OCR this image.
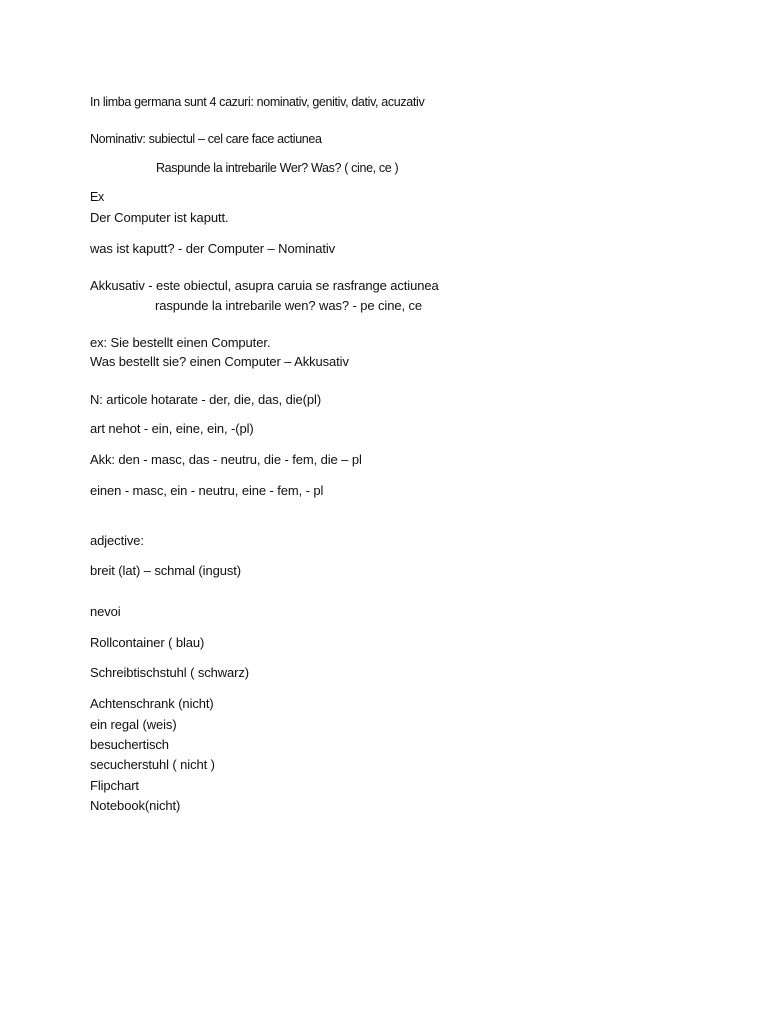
In limba germana sunt 4 cazuri: nominativ, genitiv, dativ, acuzativ

Nominativ: subiectul – cel care face actiunea

Raspunde la intrebarile Wer? Was? ( cine, ce )

Ex

Der Computer ist kaputt.

was ist kaputt? - der Computer – Nominativ

Akkusativ - este obiectul, asupra caruia se rasfrange actiunea

raspunde la intrebarile wen? was? - pe cine, ce

ex: Sie bestellt einen Computer.

Was bestellt sie? einen Computer – Akkusativ

N: articole hotarate - der, die, das, die(pl)

art nehot - ein, eine, ein, -(pl)

Akk: den - masc, das - neutru, die - fem, die – pl

einen - masc, ein - neutru, eine - fem, - pl

adjective:

breit (lat) – schmal (ingust)

nevoi

Rollcontainer ( blau)

Schreibtischstuhl ( schwarz)

Achtenschrank (nicht)

ein regal (weis)

besuchertisch

secucherstuhl ( nicht )

Flipchart

Notebook(nicht)
